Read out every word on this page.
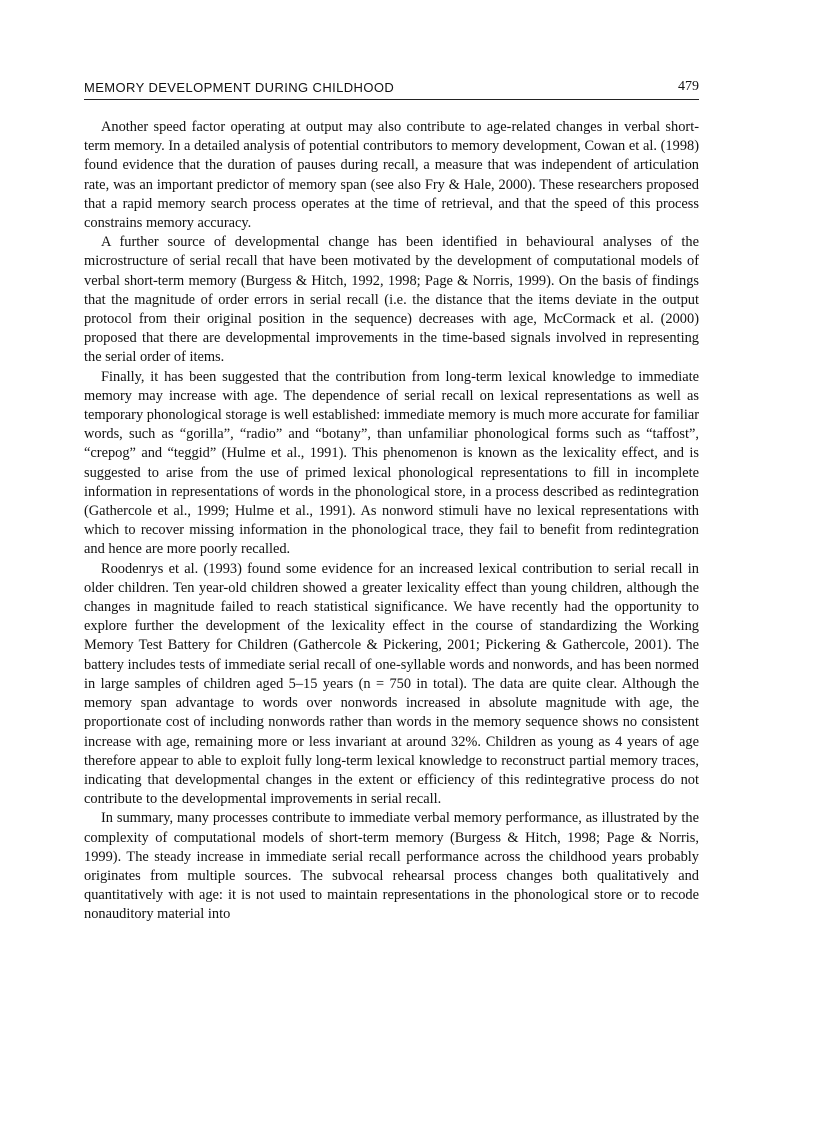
MEMORY DEVELOPMENT DURING CHILDHOOD	479

Another speed factor operating at output may also contribute to age-related changes in verbal short-term memory. In a detailed analysis of potential contributors to memory development, Cowan et al. (1998) found evidence that the duration of pauses during recall, a measure that was independent of articulation rate, was an important predictor of memory span (see also Fry & Hale, 2000). These researchers proposed that a rapid memory search process operates at the time of retrieval, and that the speed of this process constrains memory accuracy.

A further source of developmental change has been identified in behavioural analyses of the microstructure of serial recall that have been motivated by the development of computational models of verbal short-term memory (Burgess & Hitch, 1992, 1998; Page & Norris, 1999). On the basis of findings that the magnitude of order errors in serial recall (i.e. the distance that the items deviate in the output protocol from their original position in the sequence) decreases with age, McCormack et al. (2000) proposed that there are developmental improvements in the time-based signals involved in representing the serial order of items.

Finally, it has been suggested that the contribution from long-term lexical knowledge to immediate memory may increase with age. The dependence of serial recall on lexical representations as well as temporary phonological storage is well established: immediate memory is much more accurate for familiar words, such as “gorilla”, “radio” and “botany”, than unfamiliar phonological forms such as “taffost”, “crepog” and “teggid” (Hulme et al., 1991). This phenomenon is known as the lexicality effect, and is suggested to arise from the use of primed lexical phonological representations to fill in incomplete information in representations of words in the phonological store, in a process described as redintegration (Gathercole et al., 1999; Hulme et al., 1991). As nonword stimuli have no lexical representations with which to recover missing information in the phonological trace, they fail to benefit from redintegration and hence are more poorly recalled.

Roodenrys et al. (1993) found some evidence for an increased lexical contribution to serial recall in older children. Ten year-old children showed a greater lexicality effect than young children, although the changes in magnitude failed to reach statistical significance. We have recently had the opportunity to explore further the development of the lexicality effect in the course of standardizing the Working Memory Test Battery for Children (Gathercole & Pickering, 2001; Pickering & Gathercole, 2001). The battery includes tests of immediate serial recall of one-syllable words and nonwords, and has been normed in large samples of children aged 5–15 years (n = 750 in total). The data are quite clear. Although the memory span advantage to words over nonwords increased in absolute magnitude with age, the proportionate cost of including nonwords rather than words in the memory sequence shows no consistent increase with age, remaining more or less invariant at around 32%. Children as young as 4 years of age therefore appear to able to exploit fully long-term lexical knowledge to reconstruct partial memory traces, indicating that developmental changes in the extent or efficiency of this redintegrative process do not contribute to the developmental improvements in serial recall.

In summary, many processes contribute to immediate verbal memory performance, as illustrated by the complexity of computational models of short-term memory (Burgess & Hitch, 1998; Page & Norris, 1999). The steady increase in immediate serial recall performance across the childhood years probably originates from multiple sources. The subvocal rehearsal process changes both qualitatively and quantitatively with age: it is not used to maintain representations in the phonological store or to recode nonauditory material into
